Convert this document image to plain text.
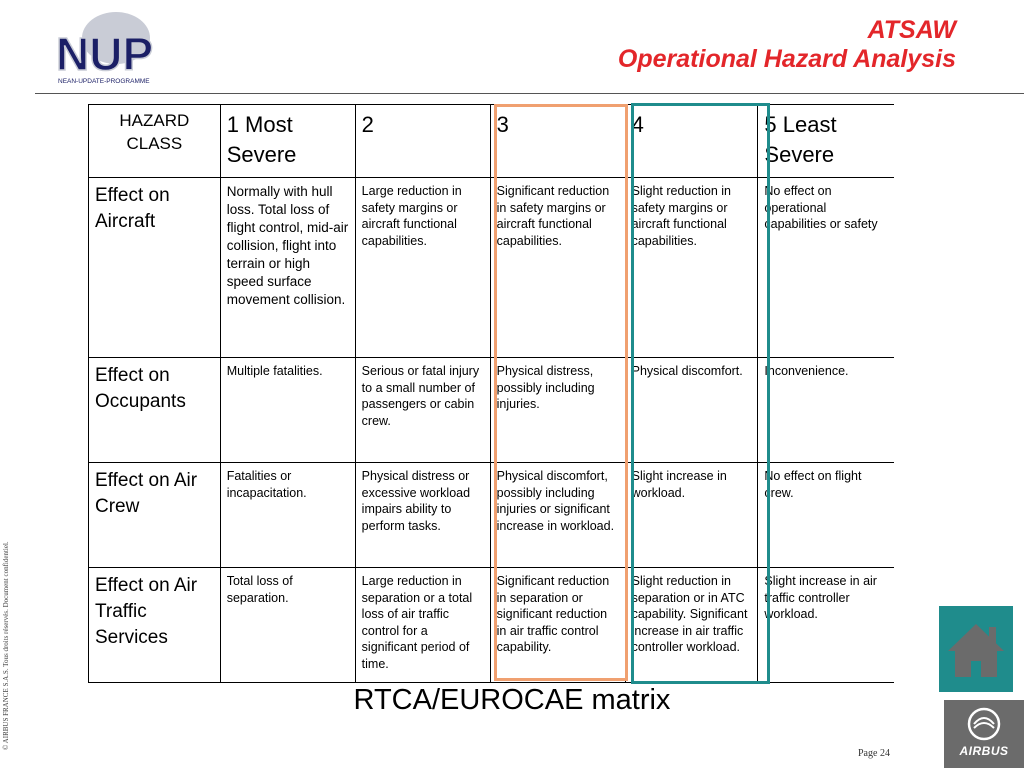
NUP
NEAN-UPDATE-PROGRAMME
ATSAW
Operational Hazard Analysis
HAZARD CLASS	1 Most Severe	2	3	4	5 Least Severe
Effect on Aircraft	Normally with hull loss. Total loss of flight control, mid-air collision, flight into terrain or high speed surface movement collision.	Large reduction in safety margins or aircraft functional capabilities.	Significant reduction in safety margins or aircraft functional capabilities.	Slight reduction in safety margins or aircraft functional capabilities.	No effect on operational capabilities or safety
Effect on Occupants	Multiple fatalities.	Serious or fatal injury to a small number of passengers or cabin crew.	Physical distress, possibly including injuries.	Physical discomfort.	Inconvenience.
Effect on Air Crew	Fatalities or incapacitation.	Physical distress or excessive workload impairs ability to perform tasks.	Physical discomfort, possibly including injuries or significant increase in workload.	Slight increase in workload.	No effect on flight crew.
Effect on Air Traffic Services	Total loss of separation.	Large reduction in separation or a total loss of air traffic control for a significant period of time.	Significant reduction in separation or significant reduction in air traffic control capability.	Slight reduction in separation or in ATC capability. Significant increase in air traffic controller workload.	Slight increase in air traffic controller workload.
RTCA/EUROCAE matrix
© AIRBUS FRANCE S.A.S. Tous droits réservés. Document confidentiel.
Page 24	AIRBUS
